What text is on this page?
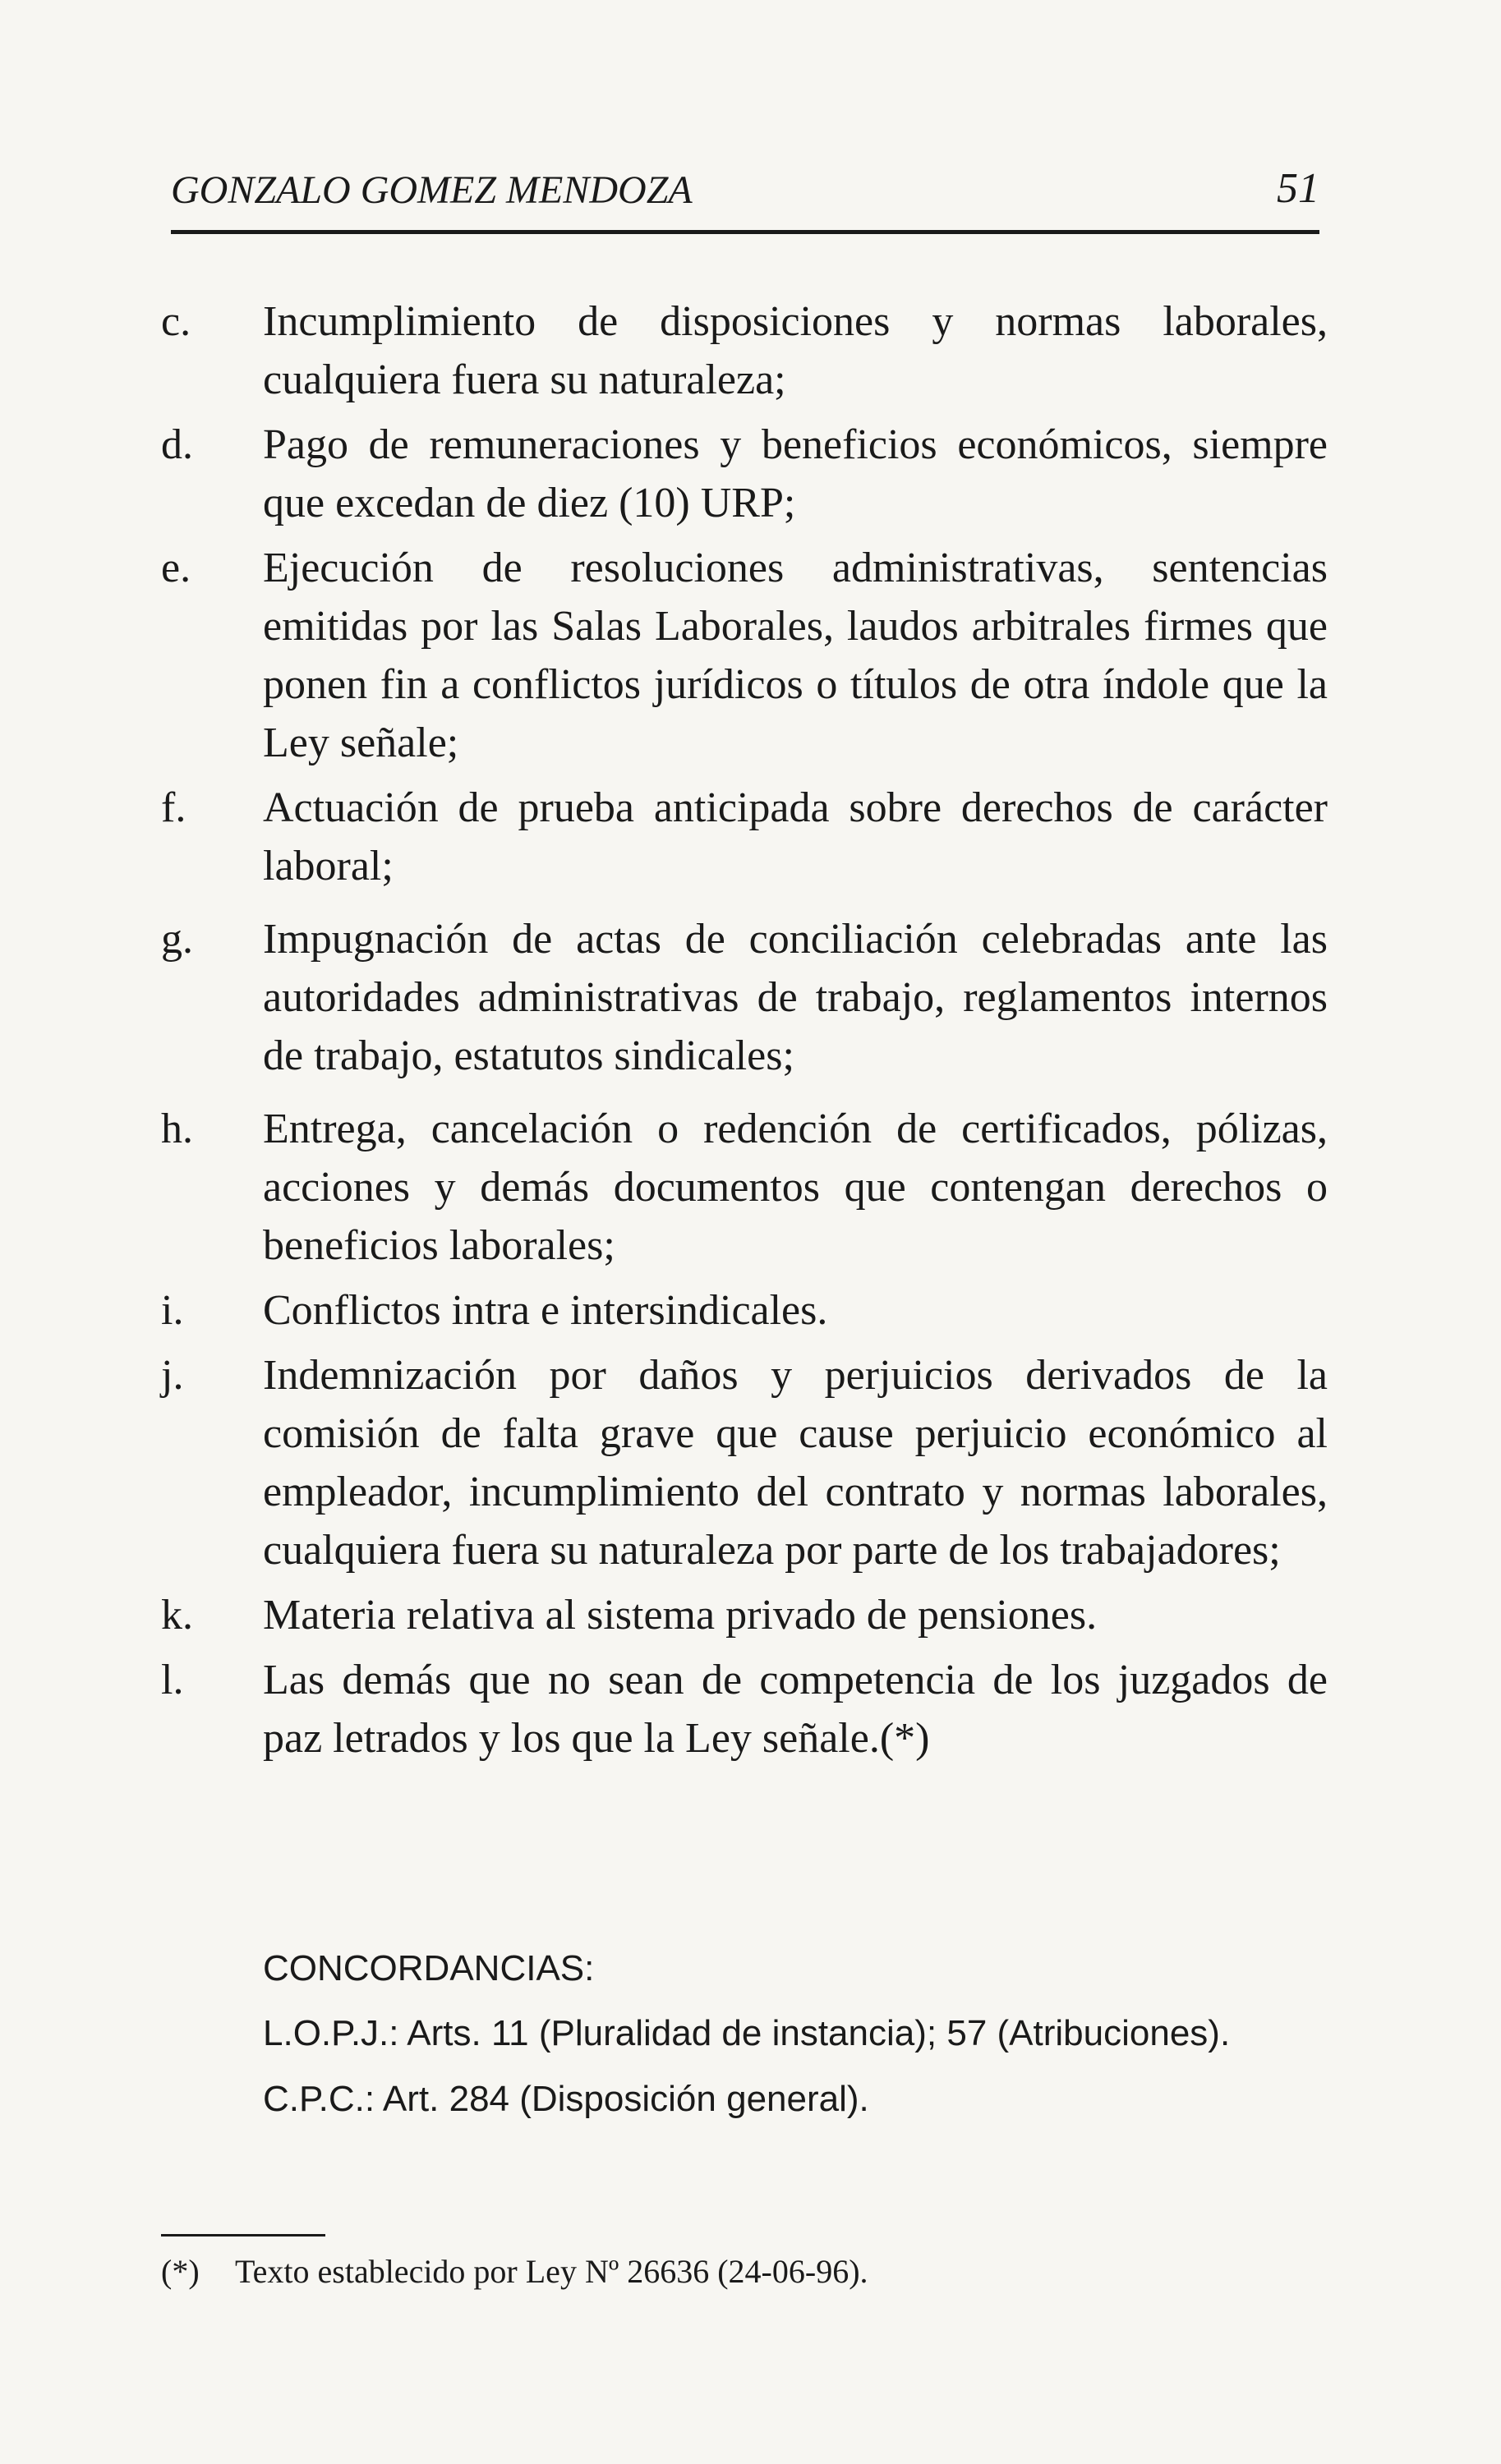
GONZALO GOMEZ MENDOZA	51
c.	Incumplimiento de disposiciones y normas laborales, cualquiera fuera su naturaleza;
d.	Pago de remuneraciones y beneficios económicos, siempre que excedan de diez (10) URP;
e.	Ejecución de resoluciones administrativas, sentencias emitidas por las Salas Laborales, laudos arbitrales firmes que ponen fin a conflictos jurídicos o títulos de otra índole que la Ley señale;
f.	Actuación de prueba anticipada sobre derechos de carácter laboral;
g.	Impugnación de actas de conciliación celebradas ante las autoridades administrativas de trabajo, reglamentos internos de trabajo, estatutos sindicales;
h.	Entrega, cancelación o redención de certificados, pólizas, acciones y demás documentos que contengan derechos o beneficios laborales;
i.	Conflictos intra e intersindicales.
j.	Indemnización por daños y perjuicios derivados de la comisión de falta grave que cause perjuicio económico al empleador, incumplimiento del contrato y normas laborales, cualquiera fuera su naturaleza por parte de los trabajadores;
k.	Materia relativa al sistema privado de pensiones.
l.	Las demás que no sean de competencia de los juzgados de paz letrados y los que la Ley señale.(*)
CONCORDANCIAS:
L.O.P.J.: Arts. 11 (Pluralidad de instancia); 57 (Atribuciones).
C.P.C.: Art. 284 (Disposición general).
(*) Texto establecido por Ley Nº 26636 (24-06-96).
